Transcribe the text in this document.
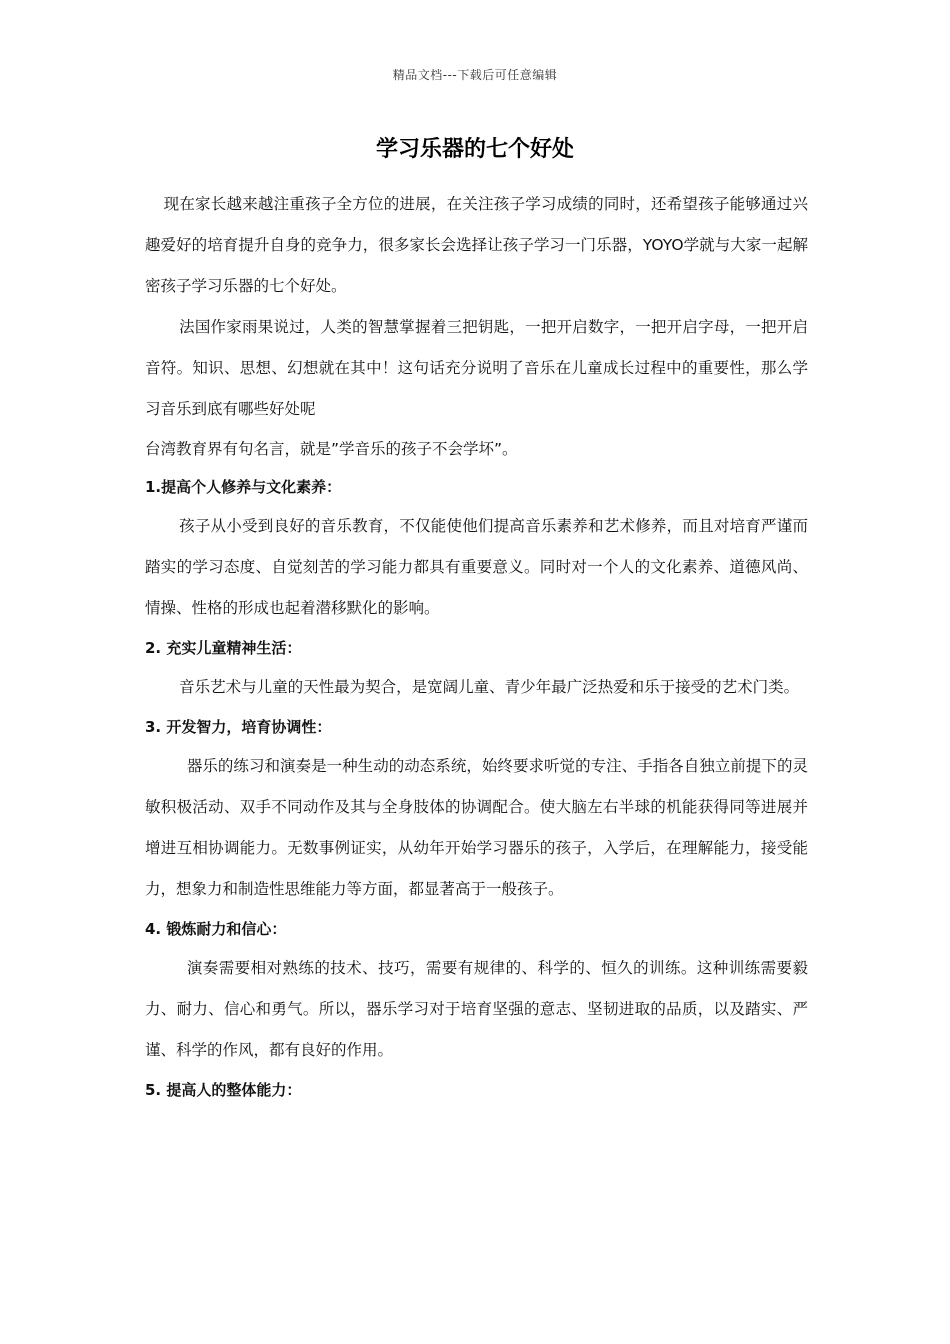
精品文档---下载后可任意编辑
学习乐器的七个好处

现在家长越来越注重孩子全方位的进展，在关注孩子学习成绩的同时，还希望孩子能够通过兴趣爱好的培育提升自身的竞争力，很多家长会选择让孩子学习一门乐器，YOYO学就与大家一起解密孩子学习乐器的七个好处。

法国作家雨果说过，人类的智慧掌握着三把钥匙，一把开启数字，一把开启字母，一把开启音符。知识、思想、幻想就在其中！这句话充分说明了音乐在儿童成长过程中的重要性，那么学习音乐到底有哪些好处呢

台湾教育界有句名言，就是”学音乐的孩子不会学坏”。

1.提高个人修养与文化素养：

孩子从小受到良好的音乐教育，不仅能使他们提高音乐素养和艺术修养，而且对培育严谨而踏实的学习态度、自觉刻苦的学习能力都具有重要意义。同时对一个人的文化素养、道德风尚、情操、性格的形成也起着潜移默化的影响。

2. 充实儿童精神生活：

音乐艺术与儿童的天性最为契合，是宽阔儿童、青少年最广泛热爱和乐于接受的艺术门类。

3. 开发智力，培育协调性：

器乐的练习和演奏是一种生动的动态系统，始终要求听觉的专注、手指各自独立前提下的灵敏积极活动、双手不同动作及其与全身肢体的协调配合。使大脑左右半球的机能获得同等进展并增进互相协调能力。无数事例证实，从幼年开始学习器乐的孩子，入学后，在理解能力，接受能力，想象力和制造性思维能力等方面，都显著高于一般孩子。

4. 锻炼耐力和信心：

演奏需要相对熟练的技术、技巧，需要有规律的、科学的、恒久的训练。这种训练需要毅力、耐力、信心和勇气。所以，器乐学习对于培育坚强的意志、坚韧进取的品质，以及踏实、严谨、科学的作风，都有良好的作用。

5. 提高人的整体能力：
